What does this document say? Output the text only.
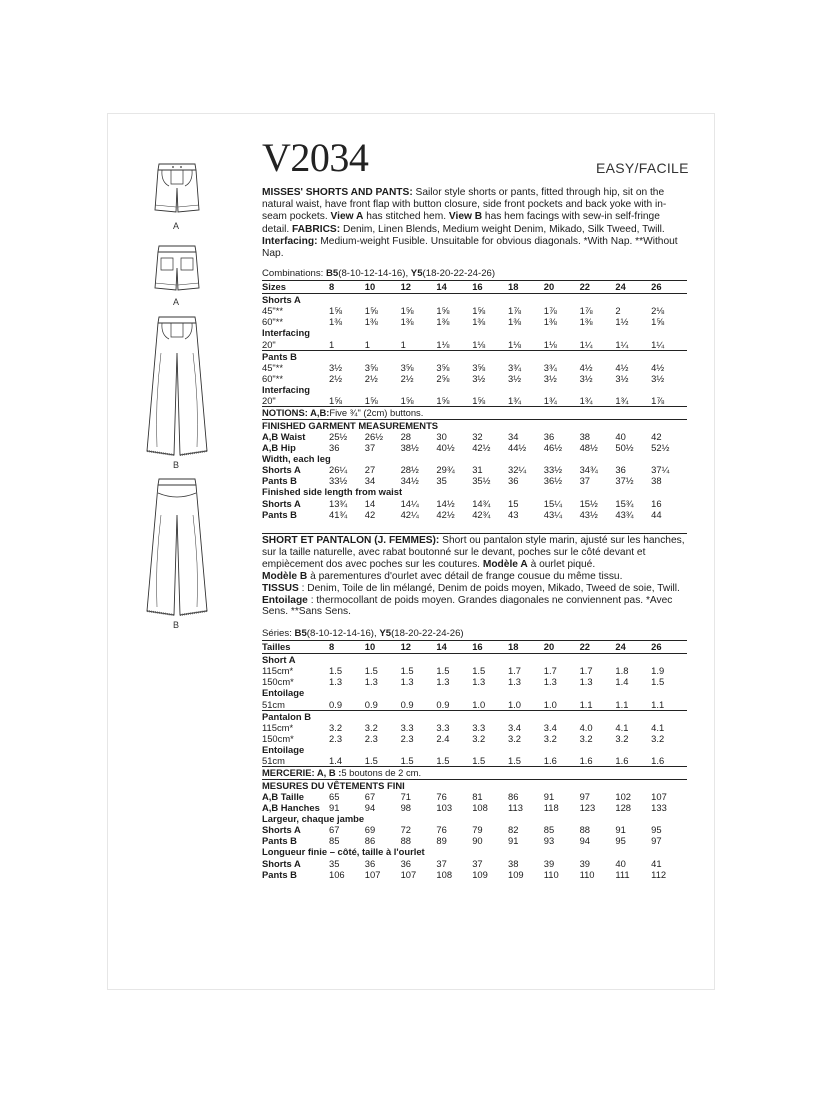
A
A
B
B
V2034	EASY/FACILE

MISSES' SHORTS AND PANTS: Sailor style shorts or pants, fitted through hip, sit on the natural waist, have front flap with button closure, side front pockets and back yoke with in-seam pockets. View A has stitched hem. View B has hem facings with sew-in self-fringe detail. FABRICS: Denim, Linen Blends, Medium weight Denim, Mikado, Silk Tweed, Twill. Interfacing: Medium-weight Fusible. Unsuitable for obvious diagonals. *With Nap. **Without Nap.

Combinations: B5(8-10-12-14-16), Y5(18-20-22-24-26)
Sizes	8	10	12	14	16	18	20	22	24	26
Shorts A
45"**	1⅝	1⅝	1⅝	1⅝	1⅝	1⅞	1⅞	1⅞	2	2⅛
60"**	1⅜	1⅜	1⅜	1⅜	1⅜	1⅜	1⅜	1⅜	1½	1⅝
Interfacing
20"	1	1	1	1⅛	1⅛	1⅛	1⅛	1¼	1¼	1¼
Pants B
45"**	3½	3⅝	3⅝	3⅝	3⅝	3¾	3¾	4½	4½	4½
60"**	2½	2½	2½	2⅝	3½	3½	3½	3½	3½	3½
Interfacing
20"	1⅝	1⅝	1⅝	1⅝	1⅝	1¾	1¾	1¾	1¾	1⅞
NOTIONS: A,B: Five ¾" (2cm) buttons.
FINISHED GARMENT MEASUREMENTS
A,B Waist	25½	26½	28	30	32	34	36	38	40	42
A,B Hip	36	37	38½	40½	42½	44½	46½	48½	50½	52½
Width, each leg
Shorts A	26¼	27	28½	29¾	31	32¼	33½	34¾	36	37¼
Pants B	33½	34	34½	35	35½	36	36½	37	37½	38
Finished side length from waist
Shorts A	13¾	14	14¼	14½	14¾	15	15¼	15½	15¾	16
Pants B	41¾	42	42¼	42½	42¾	43	43¼	43½	43¾	44

SHORT ET PANTALON (J. FEMMES): Short ou pantalon style marin, ajusté sur les hanches, sur la taille naturelle, avec rabat boutonné sur le devant, poches sur le côté devant et empiècement dos avec poches sur les coutures. Modèle A à ourlet piqué.
Modèle B à parementures d'ourlet avec détail de frange cousue du même tissu.
TISSUS : Denim, Toile de lin mélangé, Denim de poids moyen, Mikado, Tweed de soie, Twill. Entoilage : thermocollant de poids moyen. Grandes diagonales ne conviennent pas. *Avec Sens. **Sans Sens.

Séries: B5(8-10-12-14-16), Y5(18-20-22-24-26)
Tailles	8	10	12	14	16	18	20	22	24	26
Short A
115cm*	1.5	1.5	1.5	1.5	1.5	1.7	1.7	1.7	1.8	1.9
150cm*	1.3	1.3	1.3	1.3	1.3	1.3	1.3	1.3	1.4	1.5
Entoilage
51cm	0.9	0.9	0.9	0.9	1.0	1.0	1.0	1.1	1.1	1.1
Pantalon B
115cm*	3.2	3.2	3.3	3.3	3.3	3.4	3.4	4.0	4.1	4.1
150cm*	2.3	2.3	2.3	2.4	3.2	3.2	3.2	3.2	3.2	3.2
Entoilage
51cm	1.4	1.5	1.5	1.5	1.5	1.5	1.6	1.6	1.6	1.6
MERCERIE: A, B : 5 boutons de 2 cm.
MESURES DU VÊTEMENTS FINI
A,B Taille	65	67	71	76	81	86	91	97	102	107
A,B Hanches 91	94	98	103	108	113	118	123	128	133
Largeur, chaque jambe
Shorts A	67	69	72	76	79	82	85	88	91	95
Pants B	85	86	88	89	90	91	93	94	95	97
Longueur finie – côté, taille à l'ourlet
Shorts A	35	36	36	37	37	38	39	39	40	41
Pants B	106	107	107	108	109	109	110	110	111	112
